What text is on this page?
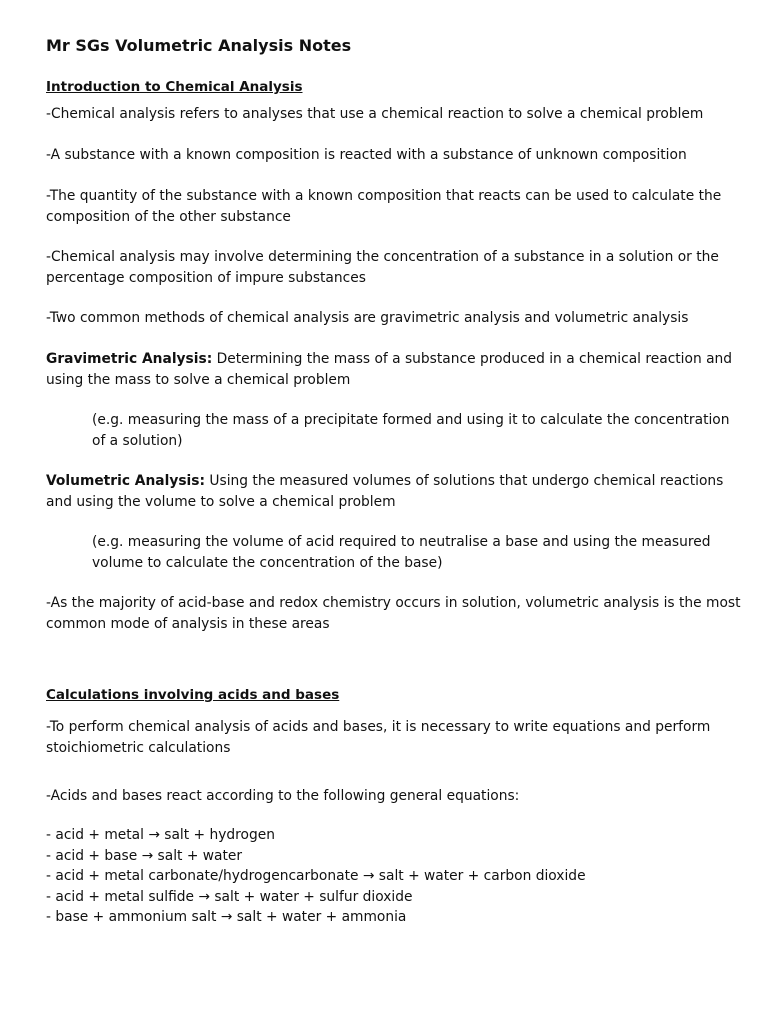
Mr SGs Volumetric Analysis Notes
Introduction to Chemical Analysis

-Chemical analysis refers to analyses that use a chemical reaction to solve a chemical problem

-A substance with a known composition is reacted with a substance of unknown composition

-The quantity of the substance with a known composition that reacts can be used to calculate the composition of the other substance

-Chemical analysis may involve determining the concentration of a substance in a solution or the percentage composition of impure substances

-Two common methods of chemical analysis are gravimetric analysis and volumetric analysis

Gravimetric Analysis: Determining the mass of a substance produced in a chemical reaction and using the mass to solve a chemical problem

(e.g. measuring the mass of a precipitate formed and using it to calculate the concentration of a solution)

Volumetric Analysis: Using the measured volumes of solutions that undergo chemical reactions and using the volume to solve a chemical problem

(e.g. measuring the volume of acid required to neutralise a base and using the measured volume to calculate the concentration of the base)

-As the majority of acid-base and redox chemistry occurs in solution, volumetric analysis is the most common mode of analysis in these areas

Calculations involving acids and bases

-To perform chemical analysis of acids and bases, it is necessary to write equations and perform stoichiometric calculations

-Acids and bases react according to the following general equations:

- acid + metal → salt + hydrogen
- acid + base → salt + water
- acid + metal carbonate/hydrogencarbonate → salt + water + carbon dioxide
- acid + metal sulfide → salt + water + sulfur dioxide
- base + ammonium salt → salt + water + ammonia
